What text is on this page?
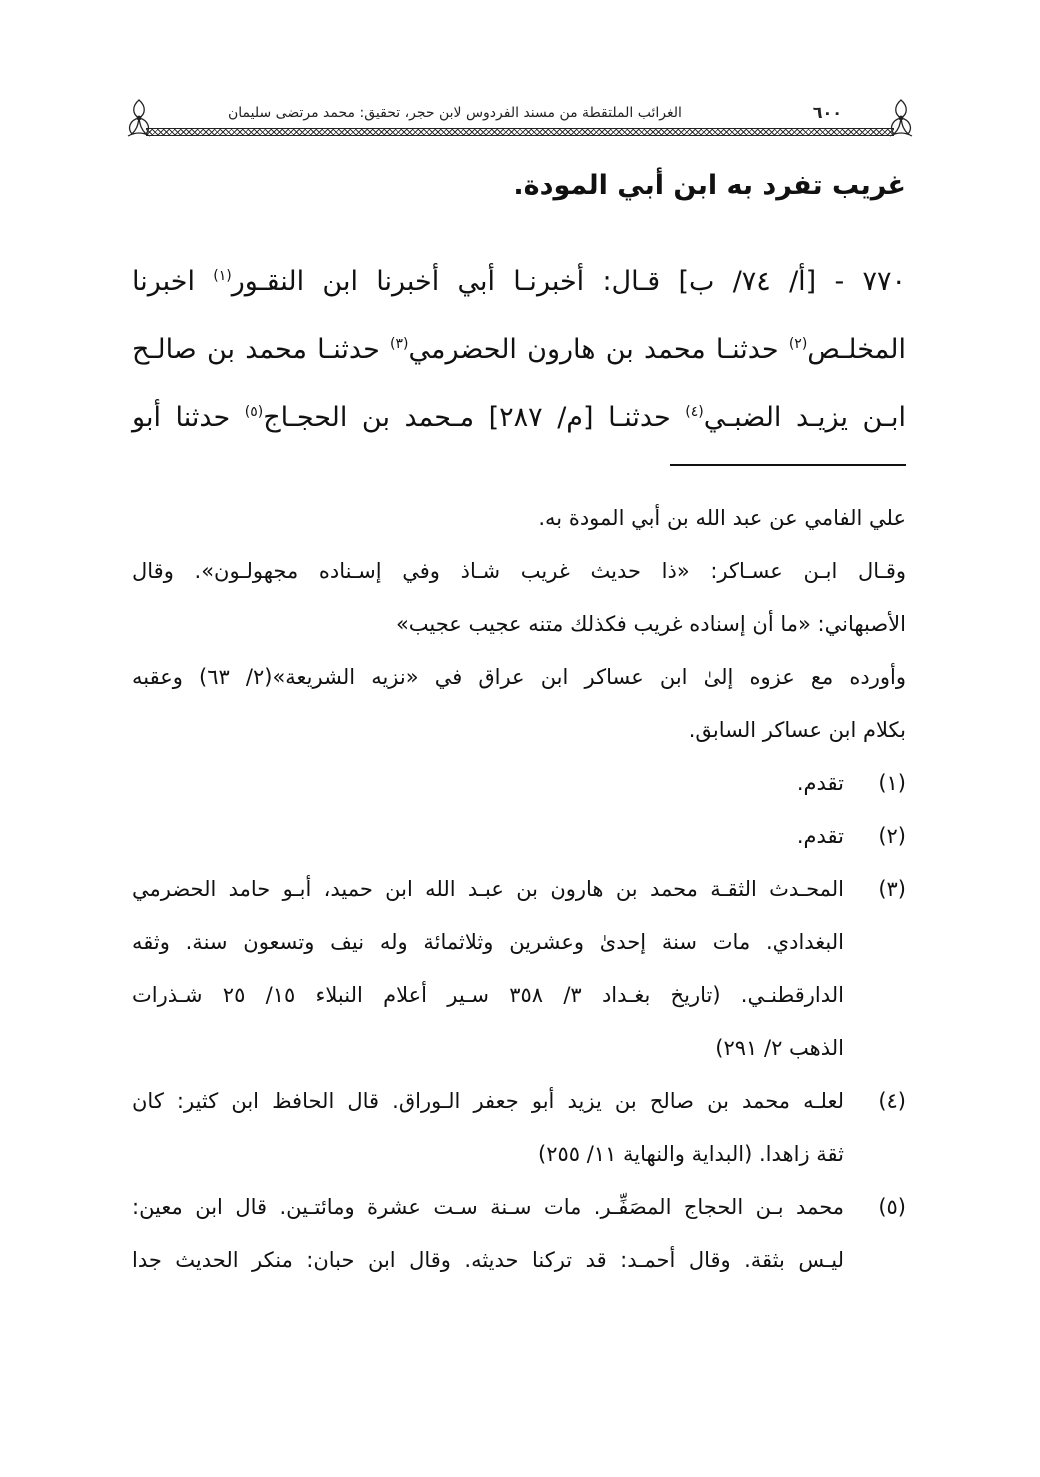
٦٠٠
الغرائب الملتقطة من مسند الفردوس لابن حجر، تحقيق: محمد مرتضى سليمان
غريب تفرد به ابن أبي المودة.
٧٧٠ - [أ/ ٧٤/ ب] قـال: أخبرنـا أبي أخبرنا ابن النقـور$^{(١)}$ اخبرنا
المخلـص$^{(٢)}$ حدثنـا محمد بن هارون الحضرمي$^{(٣)}$ حدثنـا محمد بن صالـح
ابـن يزيـد الضبـي$^{(٤)}$ حدثنـا [م/ ٢٨٧] مـحمد بن الحجـاج$^{(٥)}$ حدثنا أبو
علي الفامي عن عبد الله بن أبي المودة به.
وقـال ابـن عسـاكر: «ذا حديث غريب شـاذ وفي إسـناده مجهولـون». وقال
الأصبهاني: «ما أن إسناده غريب فكذلك متنه عجيب عجيب»
وأورده مع عزوه إلىٰ ابن عساكر ابن عراق في «نزيه الشريعة»(٢/ ٦٣) وعقبه
بكلام ابن عساكر السابق.
(١)
تقدم.
(٢)
تقدم.
(٣)
المحـدث الثقـة محمد بن هارون بن عبـد الله ابن حميد، أبـو حامد الحضرمي
البغدادي. مات سنة إحدىٰ وعشرين وثلاثمائة وله نيف وتسعون سنة. وثقه
الدارقطنـي. (تاريخ بغـداد ٣/ ٣٥٨ سـير أعلام النبلاء ١٥/ ٢٥ شـذرات
الذهب ٢/ ٢٩١)
(٤)
لعلـه محمد بن صالح بن يزيد أبو جعفر الـوراق. قال الحافظ ابن كثير: كان
ثقة زاهدا. (البداية والنهاية ١١/ ٢٥٥)
(٥)
محمد بـن الحجاج المصَفِّـر. مات سـنة سـت عشرة ومائتـين. قال ابن معين:
ليـس بثقة. وقال أحمـد: قد تركنا حديثه. وقال ابن حبان: منكر الحديث جدا
